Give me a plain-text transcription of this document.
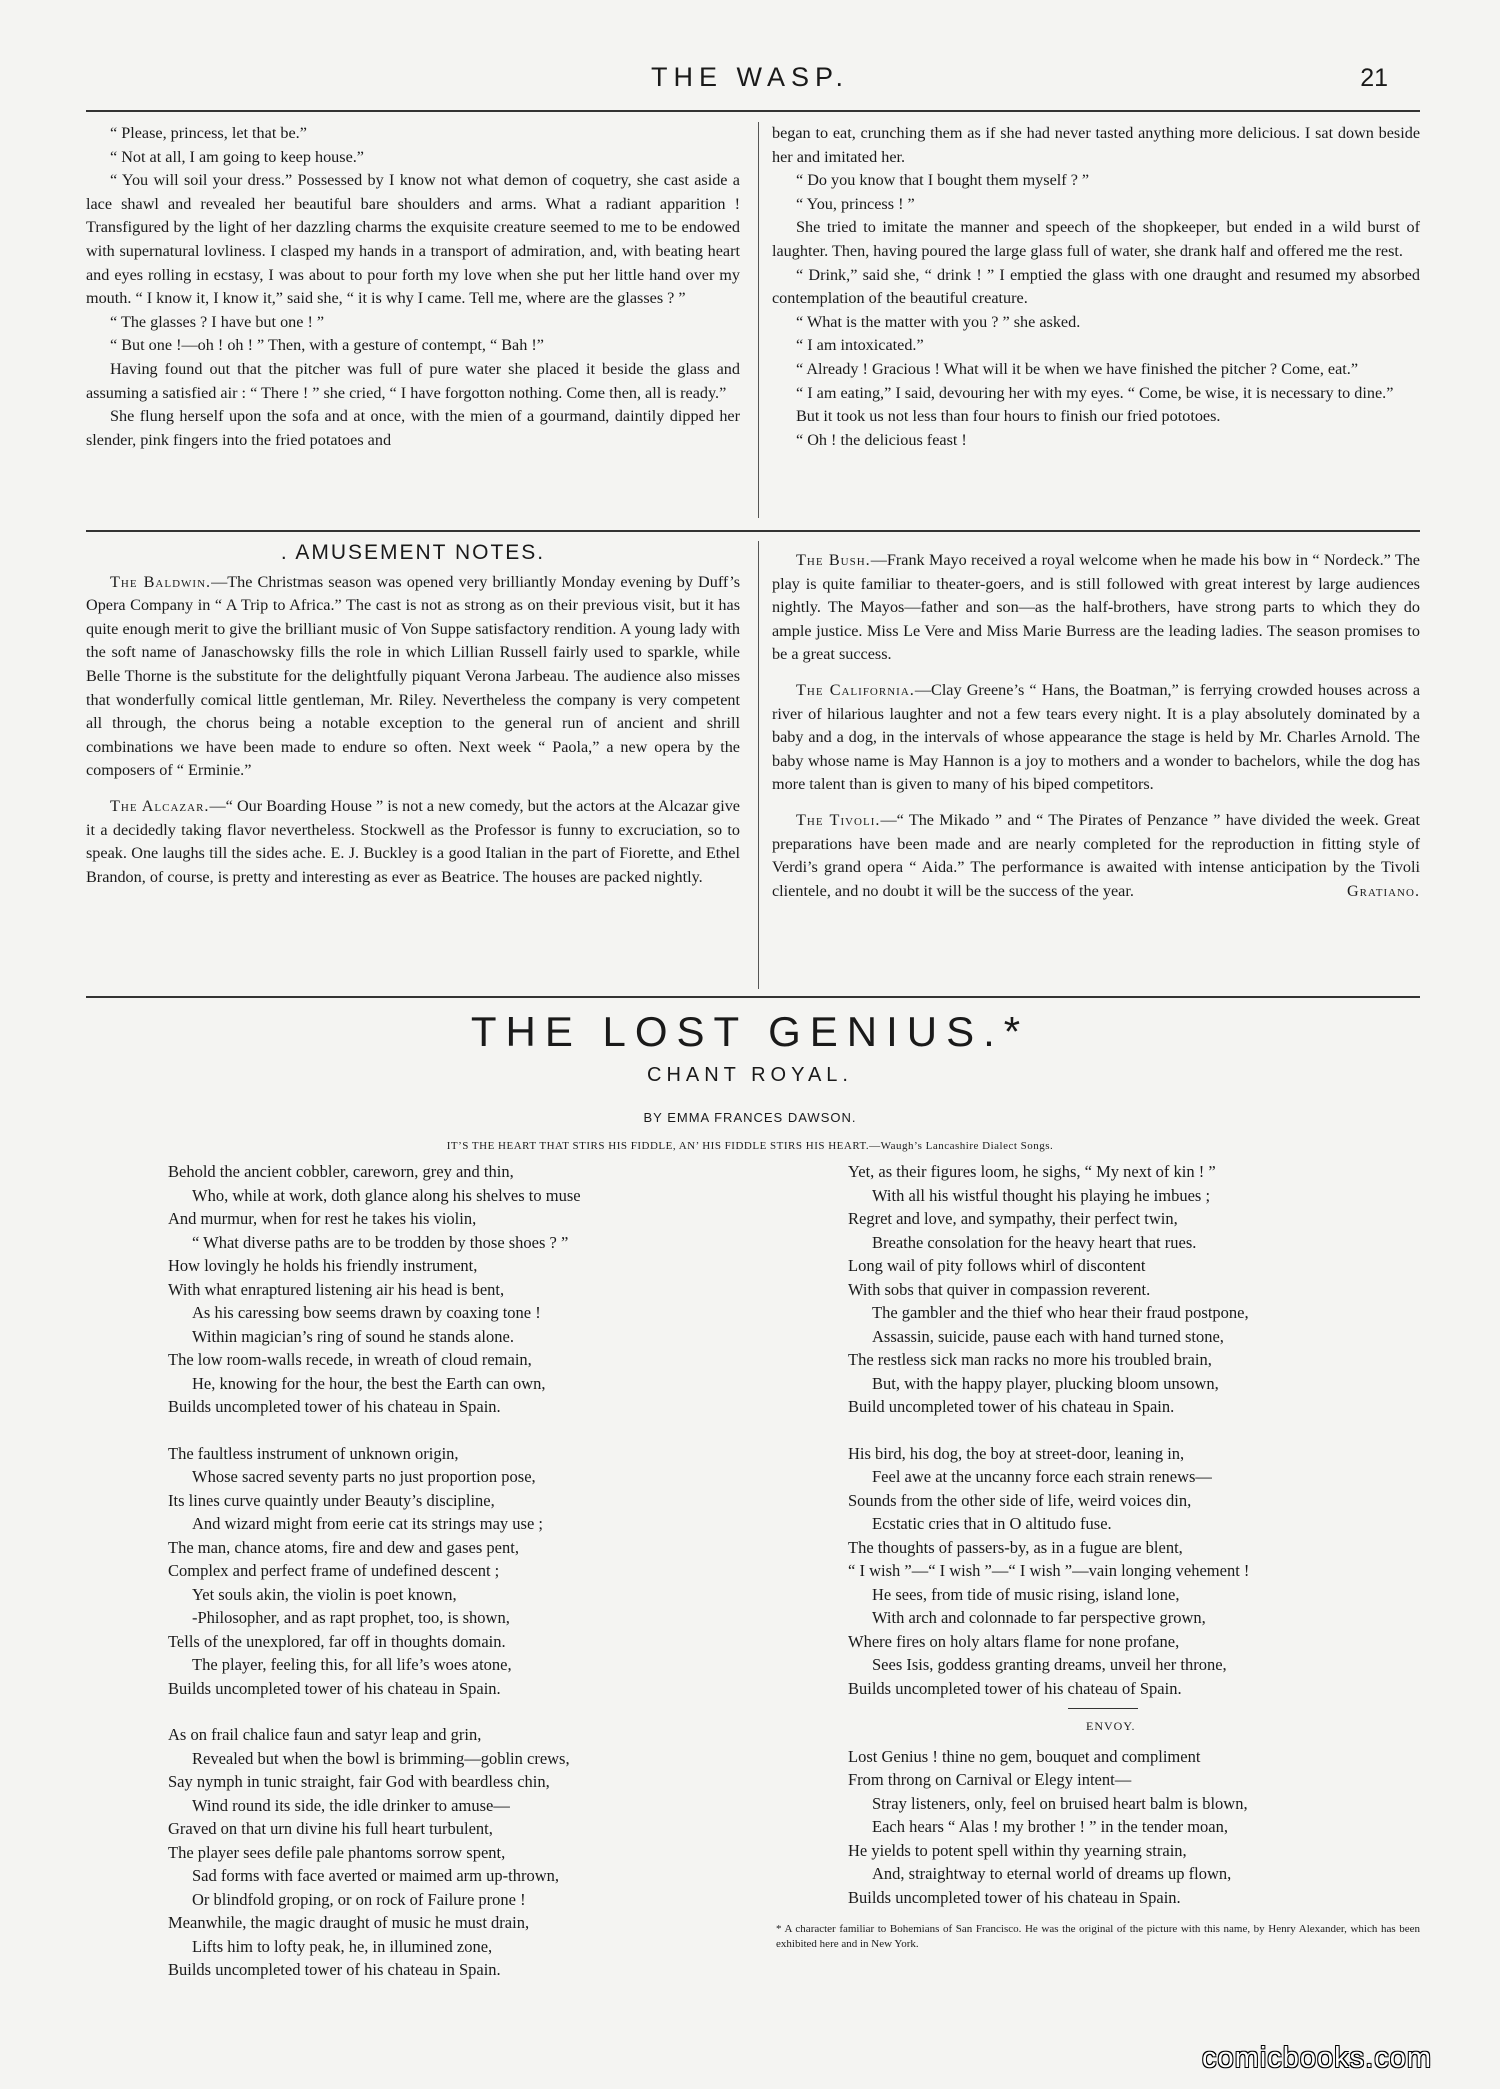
THE WASP.	21

“ Please, princess, let that be.”

“ Not at all, I am going to keep house.”

“ You will soil your dress.” Possessed by I know not what demon of coquetry, she cast aside a lace shawl and revealed her beautiful bare shoulders and arms. What a radiant apparition ! Transfigured by the light of her dazzling charms the exquisite creature seemed to me to be endowed with supernatural lovliness. I clasped my hands in a transport of admiration, and, with beating heart and eyes rolling in ecstasy, I was about to pour forth my love when she put her little hand over my mouth. “ I know it, I know it,” said she, “ it is why I came. Tell me, where are the glasses ? ”

“ The glasses ? I have but one ! ”

“ But one !—oh ! oh ! ” Then, with a gesture of contempt, “ Bah !”

Having found out that the pitcher was full of pure water she placed it beside the glass and assuming a satisfied air : “ There ! ” she cried, “ I have forgotton nothing. Come then, all is ready.”

She flung herself upon the sofa and at once, with the mien of a gourmand, daintily dipped her slender, pink fingers into the fried potatoes and

began to eat, crunching them as if she had never tasted anything more delicious. I sat down beside her and imitated her.

“ Do you know that I bought them myself ? ”

“ You, princess ! ”

She tried to imitate the manner and speech of the shopkeeper, but ended in a wild burst of laughter. Then, having poured the large glass full of water, she drank half and offered me the rest.

“ Drink,” said she, “ drink ! ” I emptied the glass with one draught and resumed my absorbed contemplation of the beautiful creature.

“ What is the matter with you ? ” she asked.

“ I am intoxicated.”

“ Already ! Gracious ! What will it be when we have finished the pitcher ? Come, eat.”

“ I am eating,” I said, devouring her with my eyes. “ Come, be wise, it is necessary to dine.”

But it took us not less than four hours to finish our fried pototoes.

“ Oh ! the delicious feast !

. AMUSEMENT NOTES.

The Baldwin.—The Christmas season was opened very brilliantly Monday evening by Duff’s Opera Company in “ A Trip to Africa.” The cast is not as strong as on their previous visit, but it has quite enough merit to give the brilliant music of Von Suppe satisfactory rendition. A young lady with the soft name of Janaschowsky fills the role in which Lillian Russell fairly used to sparkle, while Belle Thorne is the substitute for the delightfully piquant Verona Jarbeau. The audience also misses that wonderfully comical little gentleman, Mr. Riley. Nevertheless the company is very competent all through, the chorus being a notable exception to the general run of ancient and shrill combinations we have been made to endure so often. Next week “ Paola,” a new opera by the composers of “ Erminie.”

The Alcazar.—“ Our Boarding House ” is not a new comedy, but the actors at the Alcazar give it a decidedly taking flavor nevertheless. Stockwell as the Professor is funny to excruciation, so to speak. One laughs till the sides ache. E. J. Buckley is a good Italian in the part of Fiorette, and Ethel Brandon, of course, is pretty and interesting as ever as Beatrice. The houses are packed nightly.

The Bush.—Frank Mayo received a royal welcome when he made his bow in “ Nordeck.” The play is quite familiar to theater-goers, and is still followed with great interest by large audiences nightly. The Mayos—father and son—as the half-brothers, have strong parts to which they do ample justice. Miss Le Vere and Miss Marie Burress are the leading ladies. The season promises to be a great success.

The California.—Clay Greene’s “ Hans, the Boatman,” is ferrying crowded houses across a river of hilarious laughter and not a few tears every night. It is a play absolutely dominated by a baby and a dog, in the intervals of whose appearance the stage is held by Mr. Charles Arnold. The baby whose name is May Hannon is a joy to mothers and a wonder to bachelors, while the dog has more talent than is given to many of his biped competitors.

The Tivoli.—“ The Mikado ” and “ The Pirates of Penzance ” have divided the week. Great preparations have been made and are nearly completed for the reproduction in fitting style of Verdi’s grand opera “ Aida.” The performance is awaited with intense anticipation by the Tivoli clientele, and no doubt it will be the success of the year.	Gratiano.

THE LOST GENIUS.*
CHANT ROYAL.
BY EMMA FRANCES DAWSON.
IT’S THE HEART THAT STIRS HIS FIDDLE, AN’ HIS FIDDLE STIRS HIS HEART.—Waugh’s Lancashire Dialect Songs.
Behold the ancient cobbler, careworn, grey and thin,
Who, while at work, doth glance along his shelves to muse
And murmur, when for rest he takes his violin,
“ What diverse paths are to be trodden by those shoes ? ”
How lovingly he holds his friendly instrument,
With what enraptured listening air his head is bent,
As his caressing bow seems drawn by coaxing tone !
Within magician’s ring of sound he stands alone.
The low room-walls recede, in wreath of cloud remain,
He, knowing for the hour, the best the Earth can own,
Builds uncompleted tower of his chateau in Spain.
The faultless instrument of unknown origin,
Whose sacred seventy parts no just proportion pose,
Its lines curve quaintly under Beauty’s discipline,
And wizard might from eerie cat its strings may use ;
The man, chance atoms, fire and dew and gases pent,
Complex and perfect frame of undefined descent ;
Yet souls akin, the violin is poet known,
-Philosopher, and as rapt prophet, too, is shown,
Tells of the unexplored, far off in thoughts domain.
The player, feeling this, for all life’s woes atone,
Builds uncompleted tower of his chateau in Spain.
As on frail chalice faun and satyr leap and grin,
Revealed but when the bowl is brimming—goblin crews,
Say nymph in tunic straight, fair God with beardless chin,
Wind round its side, the idle drinker to amuse—
Graved on that urn divine his full heart turbulent,
The player sees defile pale phantoms sorrow spent,
Sad forms with face averted or maimed arm up-thrown,
Or blindfold groping, or on rock of Failure prone !
Meanwhile, the magic draught of music he must drain,
Lifts him to lofty peak, he, in illumined zone,
Builds uncompleted tower of his chateau in Spain.
Yet, as their figures loom, he sighs, “ My next of kin ! ”
With all his wistful thought his playing he imbues ;
Regret and love, and sympathy, their perfect twin,
Breathe consolation for the heavy heart that rues.
Long wail of pity follows whirl of discontent
With sobs that quiver in compassion reverent.
The gambler and the thief who hear their fraud postpone,
Assassin, suicide, pause each with hand turned stone,
The restless sick man racks no more his troubled brain,
But, with the happy player, plucking bloom unsown,
Build uncompleted tower of his chateau in Spain.
His bird, his dog, the boy at street-door, leaning in,
Feel awe at the uncanny force each strain renews—
Sounds from the other side of life, weird voices din,
Ecstatic cries that in O altitudo fuse.
The thoughts of passers-by, as in a fugue are blent,
“ I wish ”—“ I wish ”—“ I wish ”—vain longing vehement !
He sees, from tide of music rising, island lone,
With arch and colonnade to far perspective grown,
Where fires on holy altars flame for none profane,
Sees Isis, goddess granting dreams, unveil her throne,
Builds uncompleted tower of his chateau of Spain.
ENVOY.
Lost Genius ! thine no gem, bouquet and compliment
From throng on Carnival or Elegy intent—
Stray listeners, only, feel on bruised heart balm is blown,
Each hears “ Alas ! my brother ! ” in the tender moan,
He yields to potent spell within thy yearning strain,
And, straightway to eternal world of dreams up flown,
Builds uncompleted tower of his chateau in Spain.
* A character familiar to Bohemians of San Francisco. He was the original of the picture with this name, by Henry Alexander, which has been exhibited here and in New York.
comicbooks.com
